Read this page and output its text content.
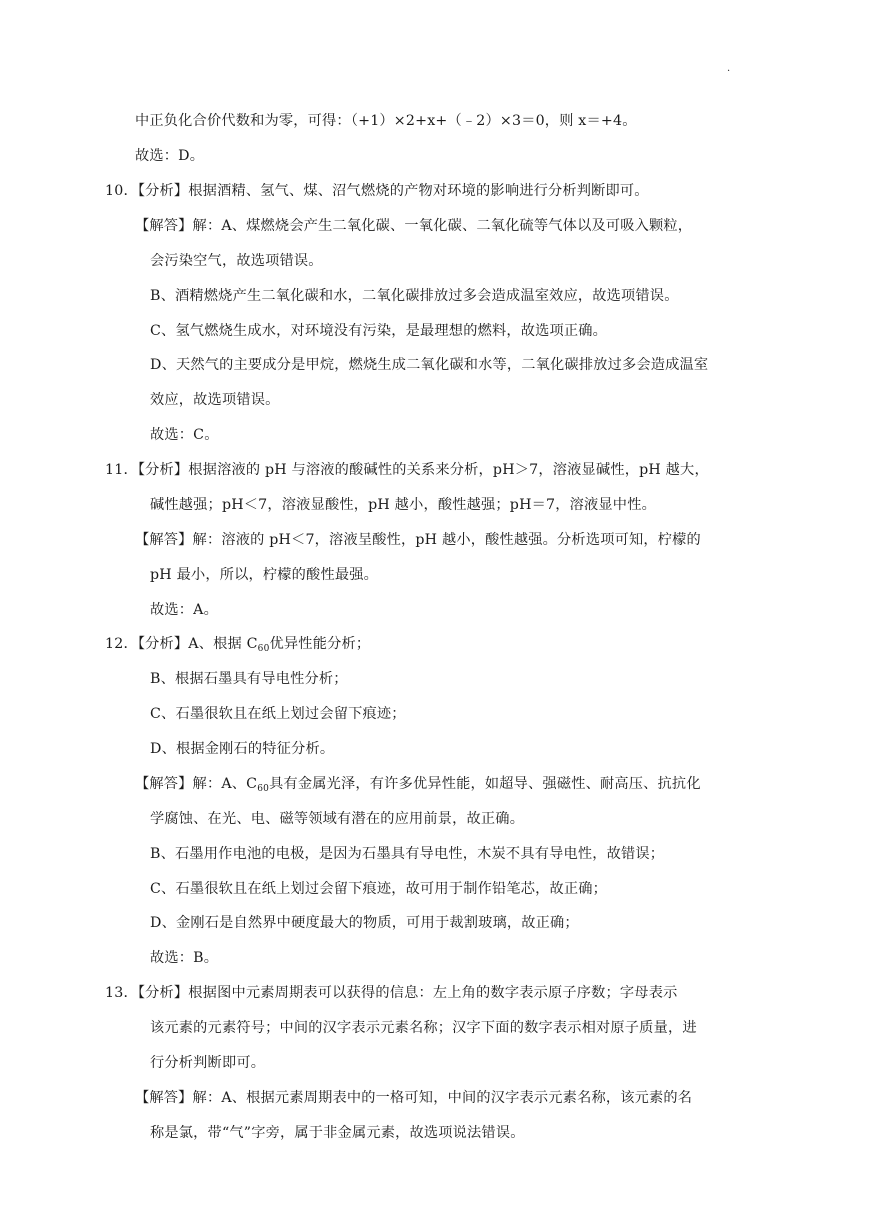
·
中正负化合价代数和为零，可得：（+1）×2+x+（﹣2）×3＝0，则 x＝+4。
故选：D。
10．【分析】根据酒精、氢气、煤、沼气燃烧的产物对环境的影响进行分析判断即可。
【解答】解：A、煤燃烧会产生二氧化碳、一氧化碳、二氧化硫等气体以及可吸入颗粒，
会污染空气，故选项错误。
B、酒精燃烧产生二氧化碳和水，二氧化碳排放过多会造成温室效应，故选项错误。
C、氢气燃烧生成水，对环境没有污染，是最理想的燃料，故选项正确。
D、天然气的主要成分是甲烷，燃烧生成二氧化碳和水等，二氧化碳排放过多会造成温室
效应，故选项错误。
故选：C。
11．【分析】根据溶液的 pH 与溶液的酸碱性的关系来分析，pH＞7，溶液显碱性，pH 越大，
碱性越强；pH＜7，溶液显酸性，pH 越小，酸性越强；pH＝7，溶液显中性。
【解答】解：溶液的 pH＜7，溶液呈酸性，pH 越小，酸性越强。分析选项可知，柠檬的
pH 最小，所以，柠檬的酸性最强。
故选：A。
12．【分析】A、根据 $C_{60}$优异性能分析；
B、根据石墨具有导电性分析；
C、石墨很软且在纸上划过会留下痕迹；
D、根据金刚石的特征分析。
【解答】解：A、$C_{60}$具有金属光泽，有许多优异性能，如超导、强磁性、耐高压、抗抗化
学腐蚀、在光、电、磁等领域有潜在的应用前景，故正确。
B、石墨用作电池的电极，是因为石墨具有导电性，木炭不具有导电性，故错误；
C、石墨很软且在纸上划过会留下痕迹，故可用于制作铅笔芯，故正确；
D、金刚石是自然界中硬度最大的物质，可用于裁割玻璃，故正确；
故选：B。
13．【分析】根据图中元素周期表可以获得的信息：左上角的数字表示原子序数；字母表示
该元素的元素符号；中间的汉字表示元素名称；汉字下面的数字表示相对原子质量，进
行分析判断即可。
【解答】解：A、根据元素周期表中的一格可知，中间的汉字表示元素名称，该元素的名
称是氯，带“气”字旁，属于非金属元素，故选项说法错误。
